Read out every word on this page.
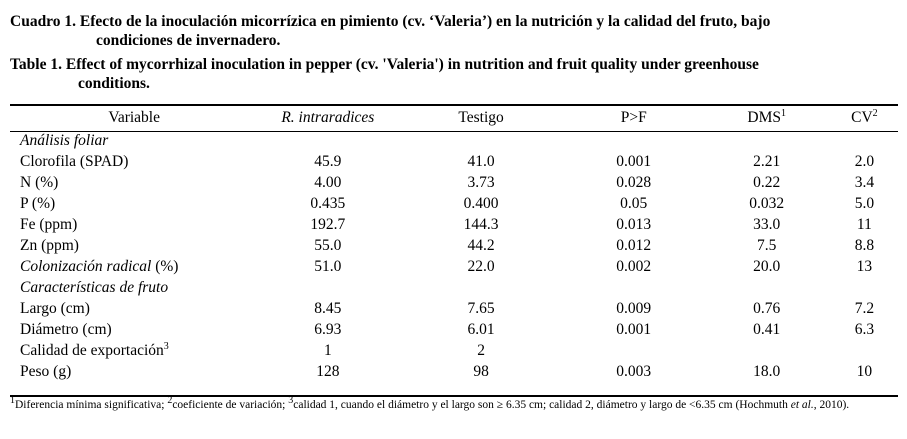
Cuadro 1. Efecto de la inoculación micorrízica en pimiento (cv. ‘Valeria’) en la nutrición y la calidad del fruto, bajo
condiciones de invernadero.
Table 1. Effect of mycorrhizal inoculation in pepper (cv. 'Valeria') in nutrition and fruit quality under greenhouse
conditions.
Variable	R. intraradices	Testigo	P>F	DMS$^1$	$CV^2$
Análisis foliar					
Clorofila (SPAD)	45.9	41.0	0.001	2.21	2.0
N (%)	4.00	3.73	0.028	0.22	3.4
P (%)	0.435	0.400	0.05	0.032	5.0
Fe (ppm)	192.7	144.3	0.013	33.0	11
Zn (ppm)	55.0	44.2	0.012	7.5	8.8
Colonización radical (%)	51.0	22.0	0.002	20.0	13
Características de fruto					
Largo (cm)	8.45	7.65	0.009	0.76	7.2
Diámetro (cm)	6.93	6.01	0.001	0.41	6.3
Calidad de exportación$^3$	1	2			
Peso (g)	128	98	0.003	18.0	10
$^1$Diferencia mínima significativa; $^2$coeficiente de variación; $^3$calidad 1, cuando el diámetro y el largo son ≥ 6.35 cm; calidad 2, diámetro y largo de <6.35 cm (Hochmuth et al., 2010).
